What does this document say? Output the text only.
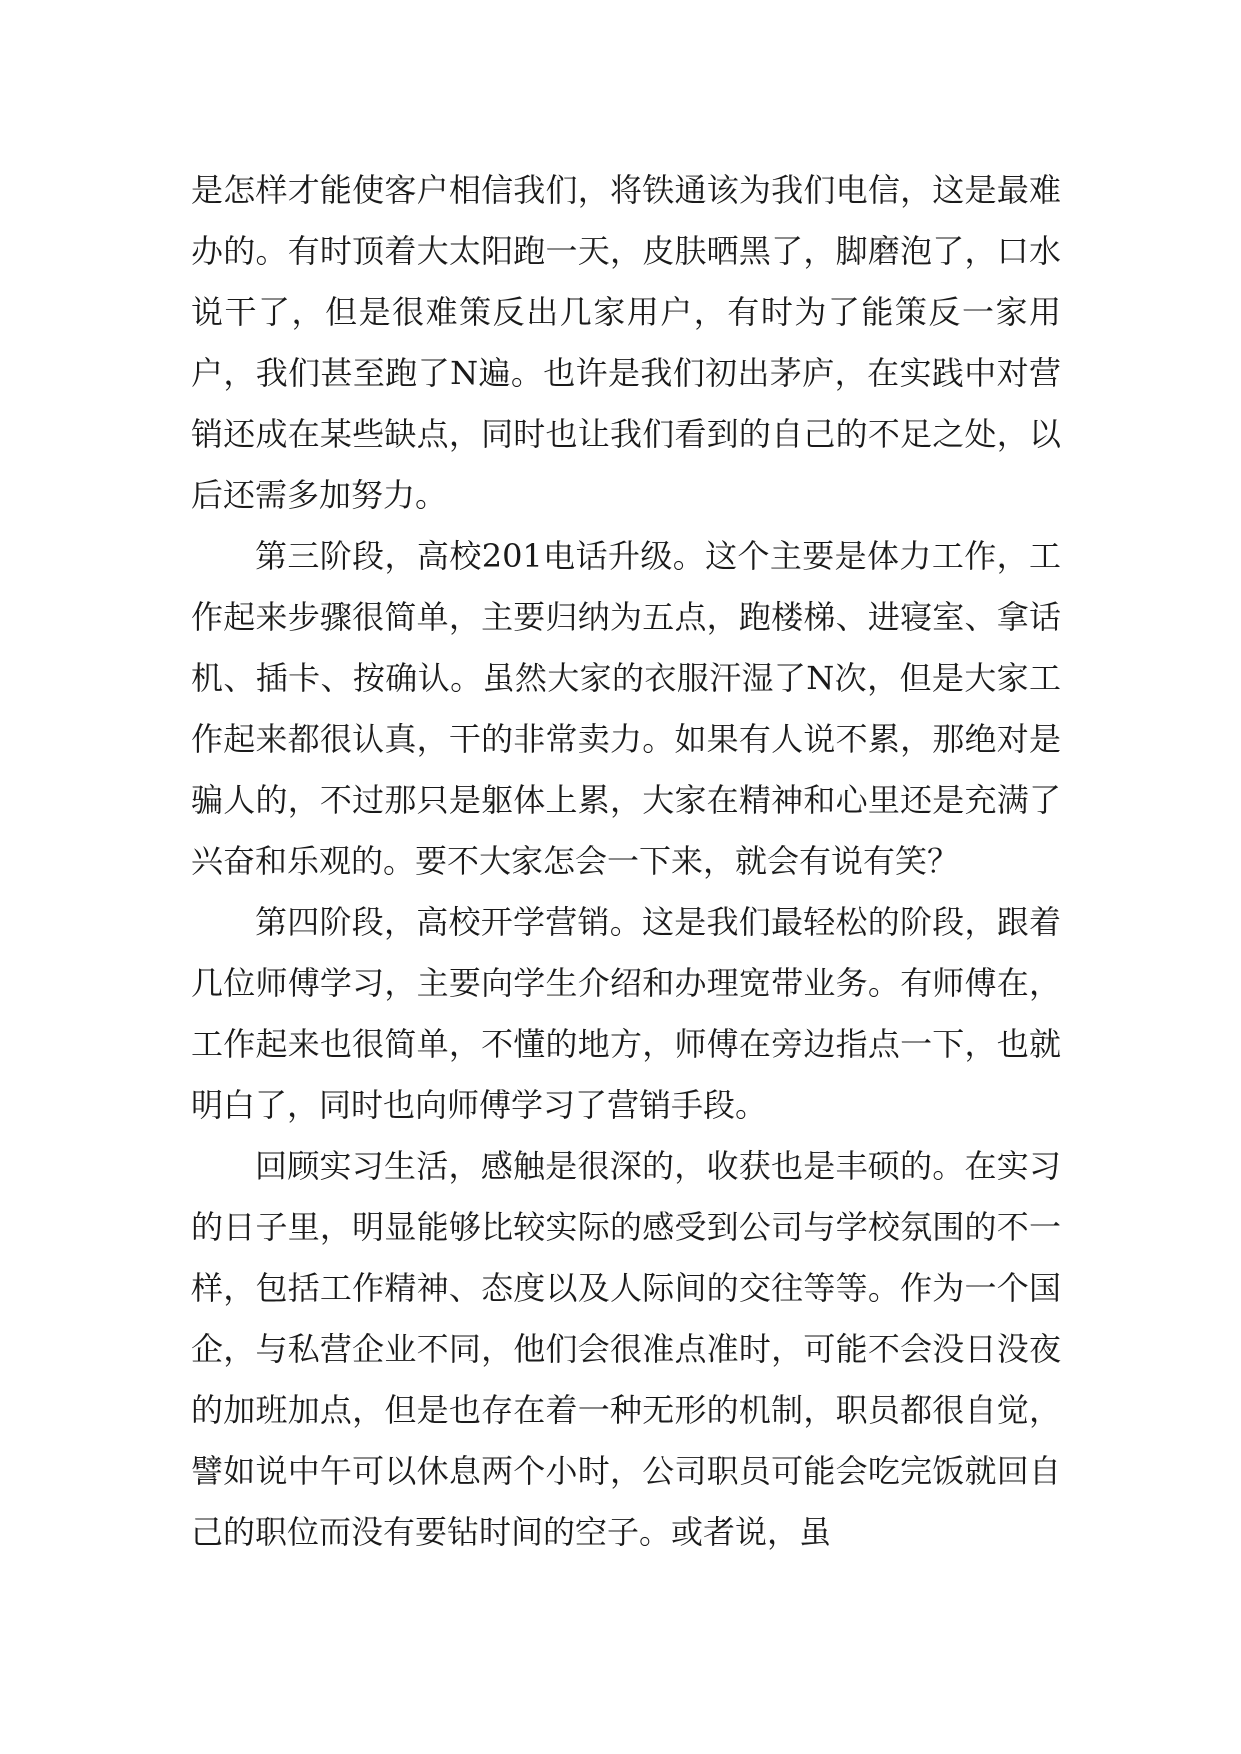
是怎样才能使客户相信我们，将铁通该为我们电信，这是最难办的。有时顶着大太阳跑一天，皮肤晒黑了，脚磨泡了，口水说干了，但是很难策反出几家用户，有时为了能策反一家用户，我们甚至跑了N遍。也许是我们初出茅庐，在实践中对营销还成在某些缺点，同时也让我们看到的自己的不足之处，以后还需多加努力。

第三阶段，高校201电话升级。这个主要是体力工作，工作起来步骤很简单，主要归纳为五点，跑楼梯、进寝室、拿话机、插卡、按确认。虽然大家的衣服汗湿了N次，但是大家工作起来都很认真，干的非常卖力。如果有人说不累，那绝对是骗人的，不过那只是躯体上累，大家在精神和心里还是充满了兴奋和乐观的。要不大家怎会一下来，就会有说有笑？

第四阶段，高校开学营销。这是我们最轻松的阶段，跟着几位师傅学习，主要向学生介绍和办理宽带业务。有师傅在，工作起来也很简单，不懂的地方，师傅在旁边指点一下，也就明白了，同时也向师傅学习了营销手段。

回顾实习生活，感触是很深的，收获也是丰硕的。在实习的日子里，明显能够比较实际的感受到公司与学校氛围的不一样，包括工作精神、态度以及人际间的交往等等。作为一个国企，与私营企业不同，他们会很准点准时，可能不会没日没夜的加班加点，但是也存在着一种无形的机制，职员都很自觉，譬如说中午可以休息两个小时，公司职员可能会吃完饭就回自己的职位而没有要钻时间的空子。或者说，虽
